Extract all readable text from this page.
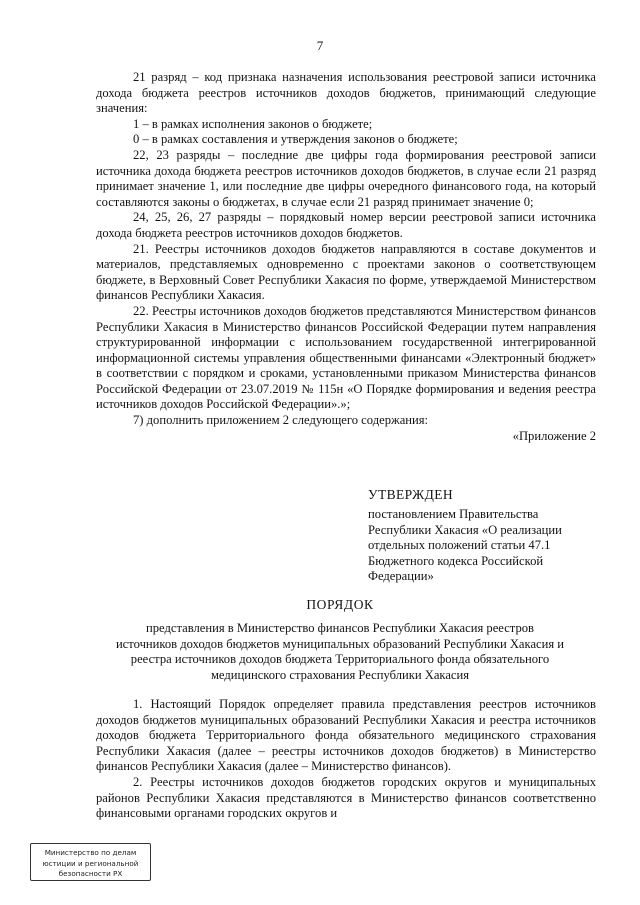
7

21 разряд – код признака назначения использования реестровой записи источника дохода бюджета реестров источников доходов бюджетов, принимающий следующие значения:

1 – в рамках исполнения законов о бюджете;

0 – в рамках составления и утверждения законов о бюджете;

22, 23 разряды – последние две цифры года формирования реестровой записи источника дохода бюджета реестров источников доходов бюджетов, в случае если 21 разряд принимает значение 1, или последние две цифры очередного финансового года, на который составляются законы о бюджетах, в случае если 21 разряд принимает значение 0;

24, 25, 26, 27 разряды – порядковый номер версии реестровой записи источника дохода бюджета реестров источников доходов бюджетов.

21. Реестры источников доходов бюджетов направляются в составе документов и материалов, представляемых одновременно с проектами законов о соответствующем бюджете, в Верховный Совет Республики Хакасия по форме, утверждаемой Министерством финансов Республики Хакасия.

22. Реестры источников доходов бюджетов представляются Министерством финансов Республики Хакасия в Министерство финансов Российской Федерации путем направления структурированной информации с использованием государственной интегрированной информационной системы управления общественными финансами «Электронный бюджет» в соответствии с порядком и сроками, установленными приказом Министерства финансов Российской Федерации от 23.07.2019 № 115н «О Порядке формирования и ведения реестра источников доходов Российской Федерации».»;

7) дополнить приложением 2 следующего содержания:

«Приложение 2

УТВЕРЖДЕН

постановлением Правительства

Республики Хакасия «О реализации

отдельных положений статьи 47.1

Бюджетного кодекса Российской

Федерации»

ПОРЯДОК

представления в Министерство финансов Республики Хакасия реестров

источников доходов бюджетов муниципальных образований Республики Хакасия и

реестра источников доходов бюджета Территориального фонда обязательного

медицинского страхования Республики Хакасия

1. Настоящий Порядок определяет правила представления реестров источников доходов бюджетов муниципальных образований Республики Хакасия и реестра источников доходов бюджета Территориального фонда обязательного медицинского страхования Республики Хакасия (далее – реестры источников доходов бюджетов) в Министерство финансов Республики Хакасия (далее – Министерство финансов).

2. Реестры источников доходов бюджетов городских округов и муниципальных районов Республики Хакасия представляются в Министерство финансов соответственно финансовыми органами городских округов и

Министерство по делам
юстиции и региональной
безопасности РХ
